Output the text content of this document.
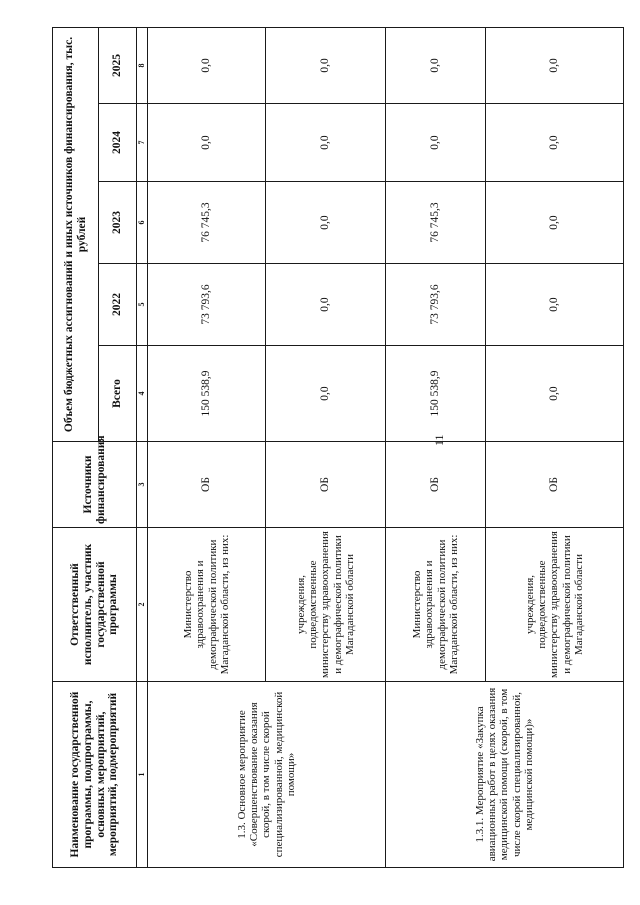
11
Наименование государственной программы, подпрограммы, основных мероприятий, мероприятий, подмероприятий	Ответственный исполнитель, участник государственной программы	Источники финансирования	Объем бюджетных ассигнований и иных источников финансирования, тыс. рублей				
			Всего	2022	2023	2024	2025
1	2	3	4	5	6	7	8
1.3. Основное мероприятие «Совершенствование оказания скорой, в том числе скорой специализированной, медицинской помощи»	Министерство здравоохранения и демографической политики Магаданской области, из них:	ОБ	150 538,9	73 793,6	76 745,3	0,0	0,0
	учреждения, подведомственные министерству здравоохранения и демографической политики Магаданской области	ОБ	0,0	0,0	0,0	0,0	0,0
1.3.1. Мероприятие «Закупка авиационных работ в целях оказания медицинской помощи (скорой, в том числе скорой специализированной, медицинской помощи)»	Министерство здравоохранения и демографической политики Магаданской области, из них:	ОБ	150 538,9	73 793,6	76 745,3	0,0	0,0
	учреждения, подведомственные министерству здравоохранения и демографической политики Магаданской области	ОБ	0,0	0,0	0,0	0,0	0,0
